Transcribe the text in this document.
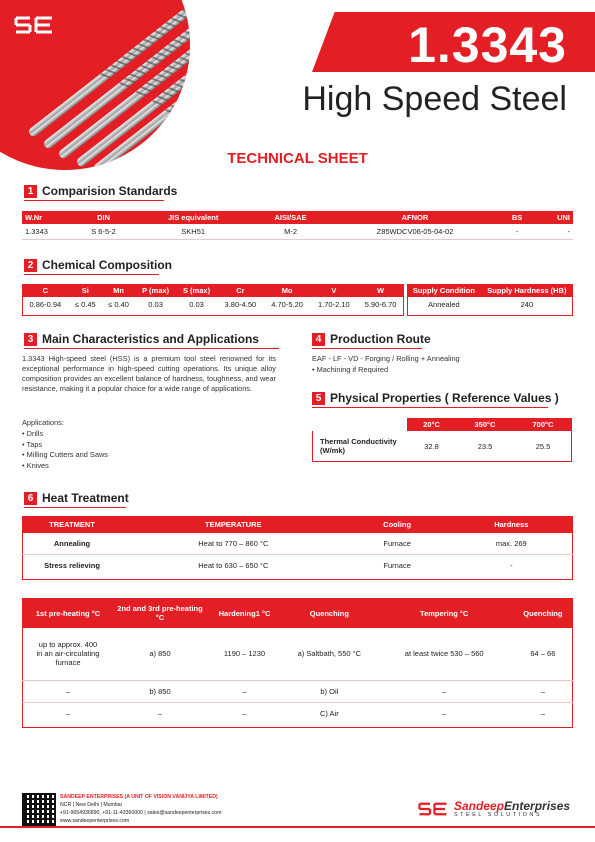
1.3343
High Speed Steel
TECHNICAL SHEET
1 Comparision Standards
W.Nr	DIN	JIS equivalent	AISI/SAE	AFNOR	BS	UNI
1.3343	S 6-5-2	SKH51	M-2	Z85WDCV06-05-04-02	-	-
2 Chemical Composition
C	Si	Mn	P (max)	S (max)	Cr	Mo	V	W
0.86-0.94	≤ 0.45	≤ 0.40	0.03	0.03	3.80-4.50	4.70-5.20	1.70-2.10	5.90-6.70
Supply Condition	Supply Hardness (HB)
Annealed	240
3 Main Characteristics and Applications
1.3343 High-speed steel (HSS) is a premium tool steel renowned for its exceptional performance in high-speed cutting operations. Its unique alloy composition provides an excellent balance of hardness, toughness, and wear resistance, making it a popular choice for a wide range of applications.
Applications:
• Drills
• Taps
• Milling Cutters and Saws
• Knives
4 Production Route
EAF - LF - VD - Forging / Rolling + Annealing
• Machining if Required
5 Physical Properties ( Reference Values )
	20°C	350°C	700°C
Thermal Conductivity (W/mk)	32.8	23.5	25.5
6 Heat Treatment
TREATMENT	TEMPERATURE	Cooling	Hardness
Annealing	Heat to 770 – 860 °C	Furnace	max. 269
Stress relieving	Heat to 630 – 650 °C	Furnace	-
1st pre-heating °C	2nd and 3rd pre-heating °C	Hardening1 °C	Quenching	Tempering °C	Quenching
up to approx. 400 in an air-circulating furnace	a) 850	1190 – 1230	a) Saltbath, 550 °C	at least twice 530 – 560	64 – 66
–	b) 850	–	b) Oil	–	–
–	–	–	C) Air	–	–
SANDEEP ENTERPRISES (A UNIT OF VISION VANIJYA LIMITED)
NCR | New Delhi | Mumbai
+91-9654936890, +91-11-43360000 | sales@sandeepenterprises.com
www.sandeepenterprises.com
SandeepEnterprises
STEEL SOLUTIONS
